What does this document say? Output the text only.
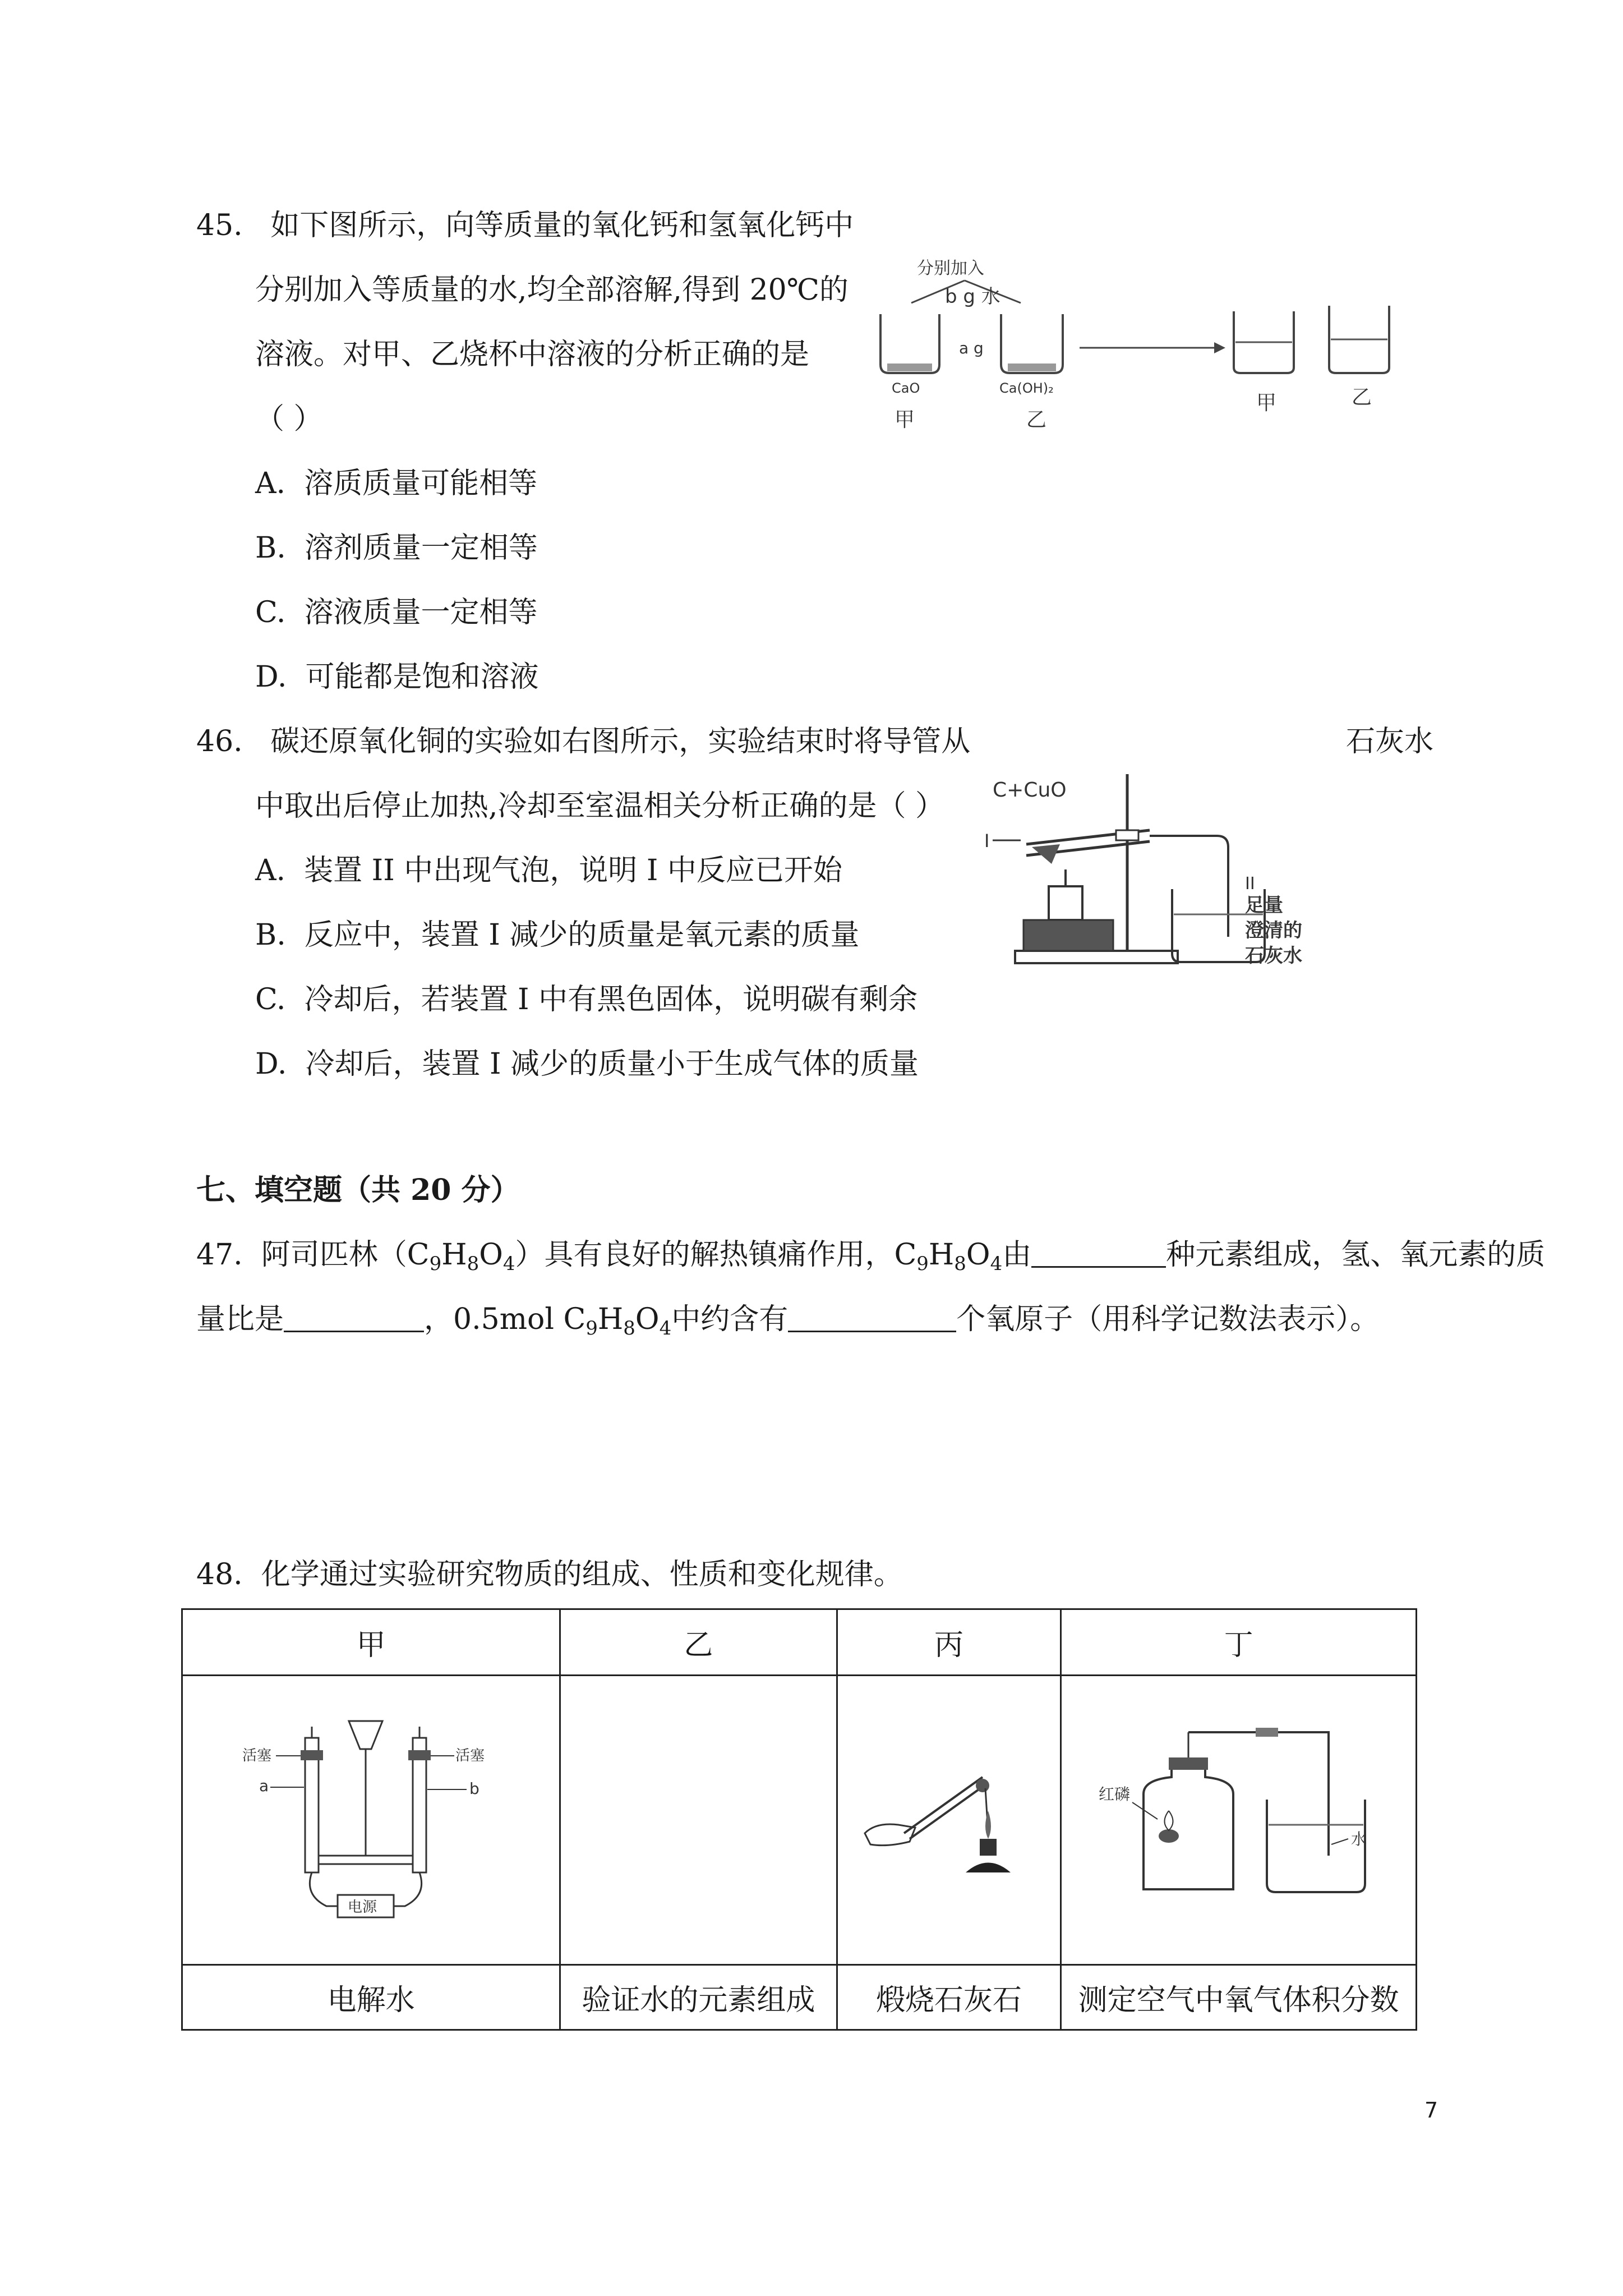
45. 如下图所示，向等质量的氧化钙和氢氧化钙中
分别加入等质量的水,均全部溶解,得到 20℃的
溶液。对甲、乙烧杯中溶液的分析正确的是
（ ）
A. 溶质质量可能相等
B. 溶剂质量一定相等
C. 溶液质量一定相等
D. 可能都是饱和溶液
分别加入
b g 水
CaO
甲
a g
Ca(OH)₂
乙
甲	乙
46. 碳还原氧化铜的实验如右图所示，实验结束时将导管从	石灰水
中取出后停止加热,冷却至室温相关分析正确的是（ ）
A. 装置 II 中出现气泡，说明 I 中反应已开始
B. 反应中，装置 I 减少的质量是氧元素的质量
C. 冷却后，若装置 I 中有黑色固体，说明碳有剩余
D. 冷却后，装置 I 减少的质量小于生成气体的质量
C+CuO
I
II
足量
澄清的
石灰水
七、填空题（共 20 分）
47. 阿司匹林$(C_9H_8O_4)$具有良好的解热镇痛作用，$C_9H_8O_4$由	种元素组成，氢、氧元素的质
量比是	，0.5mol $C_9H_8O_4$中约含有	个氧原子（用科学记数法表示）。
48. 化学通过实验研究物质的组成、性质和变化规律。
甲	乙	丙	丁

活塞
a
活塞
b
电源			红磷
水

电解水	验证水的元素组成	煅烧石灰石	测定空气中氧气体积分数
7
